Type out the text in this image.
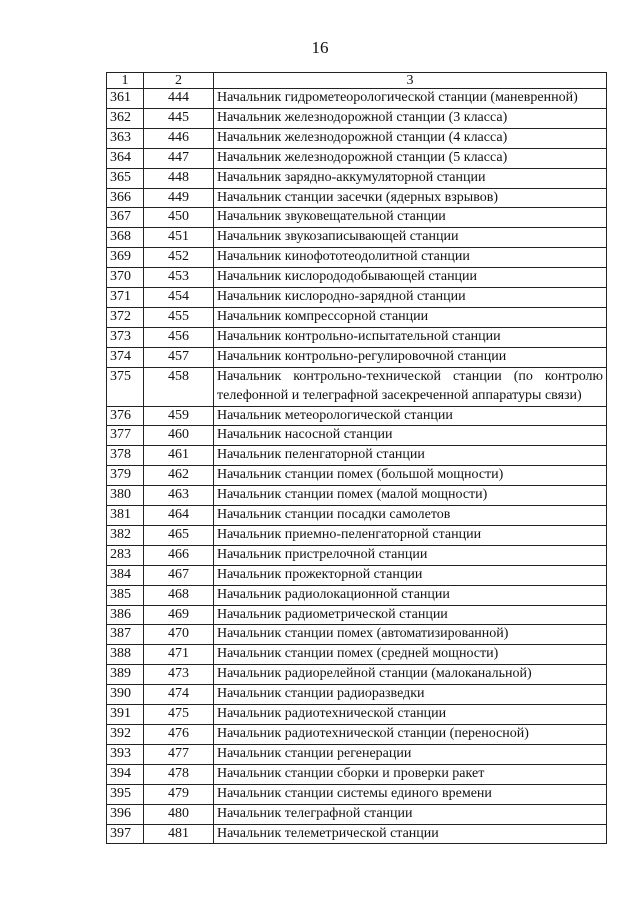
16
1	2	3
361	444	Начальник гидрометеорологической станции (маневренной)
362	445	Начальник железнодорожной станции (3 класса)
363	446	Начальник железнодорожной станции (4 класса)
364	447	Начальник железнодорожной станции (5 класса)
365	448	Начальник зарядно-аккумуляторной станции
366	449	Начальник станции засечки (ядерных взрывов)
367	450	Начальник звуковещательной станции
368	451	Начальник звукозаписывающей станции
369	452	Начальник кинофототеодолитной станции
370	453	Начальник кислорододобывающей станции
371	454	Начальник кислородно-зарядной станции
372	455	Начальник компрессорной станции
373	456	Начальник контрольно-испытательной станции
374	457	Начальник контрольно-регулировочной станции
375	458	Начальник контрольно-технической станции (по контролю телефонной и телеграфной засекреченной аппаратуры связи)
376	459	Начальник метеорологической станции
377	460	Начальник насосной станции
378	461	Начальник пеленгаторной станции
379	462	Начальник станции помех (большой мощности)
380	463	Начальник станции помех (малой мощности)
381	464	Начальник станции посадки самолетов
382	465	Начальник приемно-пеленгаторной станции
283	466	Начальник пристрелочной станции
384	467	Начальник прожекторной станции
385	468	Начальник радиолокационной станции
386	469	Начальник радиометрической станции
387	470	Начальник станции помех (автоматизированной)
388	471	Начальник станции помех (средней мощности)
389	473	Начальник радиорелейной станции (малоканальной)
390	474	Начальник станции радиоразведки
391	475	Начальник радиотехнической станции
392	476	Начальник радиотехнической станции (переносной)
393	477	Начальник станции регенерации
394	478	Начальник станции сборки и проверки ракет
395	479	Начальник станции системы единого времени
396	480	Начальник телеграфной станции
397	481	Начальник телеметрической станции
